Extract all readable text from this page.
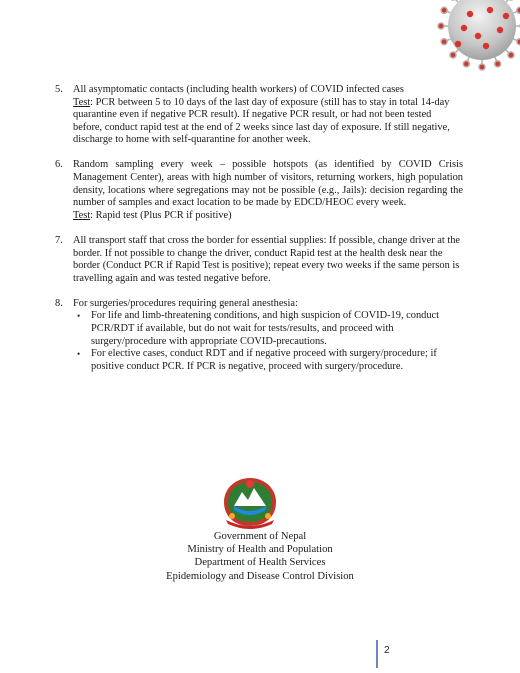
5. All asymptomatic contacts (including health workers) of COVID infected cases
Test: PCR between 5 to 10 days of the last day of exposure (still has to stay in total 14-day quarantine even if negative PCR result). If negative PCR result, or had not been tested before, conduct rapid test at the end of 2 weeks since last day of exposure. If still negative, discharge to home with self-quarantine for another week.
6. Random sampling every week – possible hotspots (as identified by COVID Crisis Management Center), areas with high number of visitors, returning workers, high population density, locations where segregations may not be possible (e.g., Jails): decision regarding the number of samples and exact location to be made by EDCD/HEOC every week.
Test: Rapid test (Plus PCR if positive)
7. All transport staff that cross the border for essential supplies: If possible, change driver at the border. If not possible to change the driver, conduct Rapid test at the health desk near the border (Conduct PCR if Rapid Test is positive); repeat every two weeks if the same person is travelling again and was tested negative before.
8. For surgeries/procedures requiring general anesthesia:
• For life and limb-threatening conditions, and high suspicion of COVID-19, conduct PCR/RDT if available, but do not wait for tests/results, and proceed with surgery/procedure with appropriate COVID-precautions.
• For elective cases, conduct RDT and if negative proceed with surgery/procedure; if positive conduct PCR. If PCR is negative, proceed with surgery/procedure.
Government of Nepal
Ministry of Health and Population
Department of Health Services
Epidemiology and Disease Control Division
2
